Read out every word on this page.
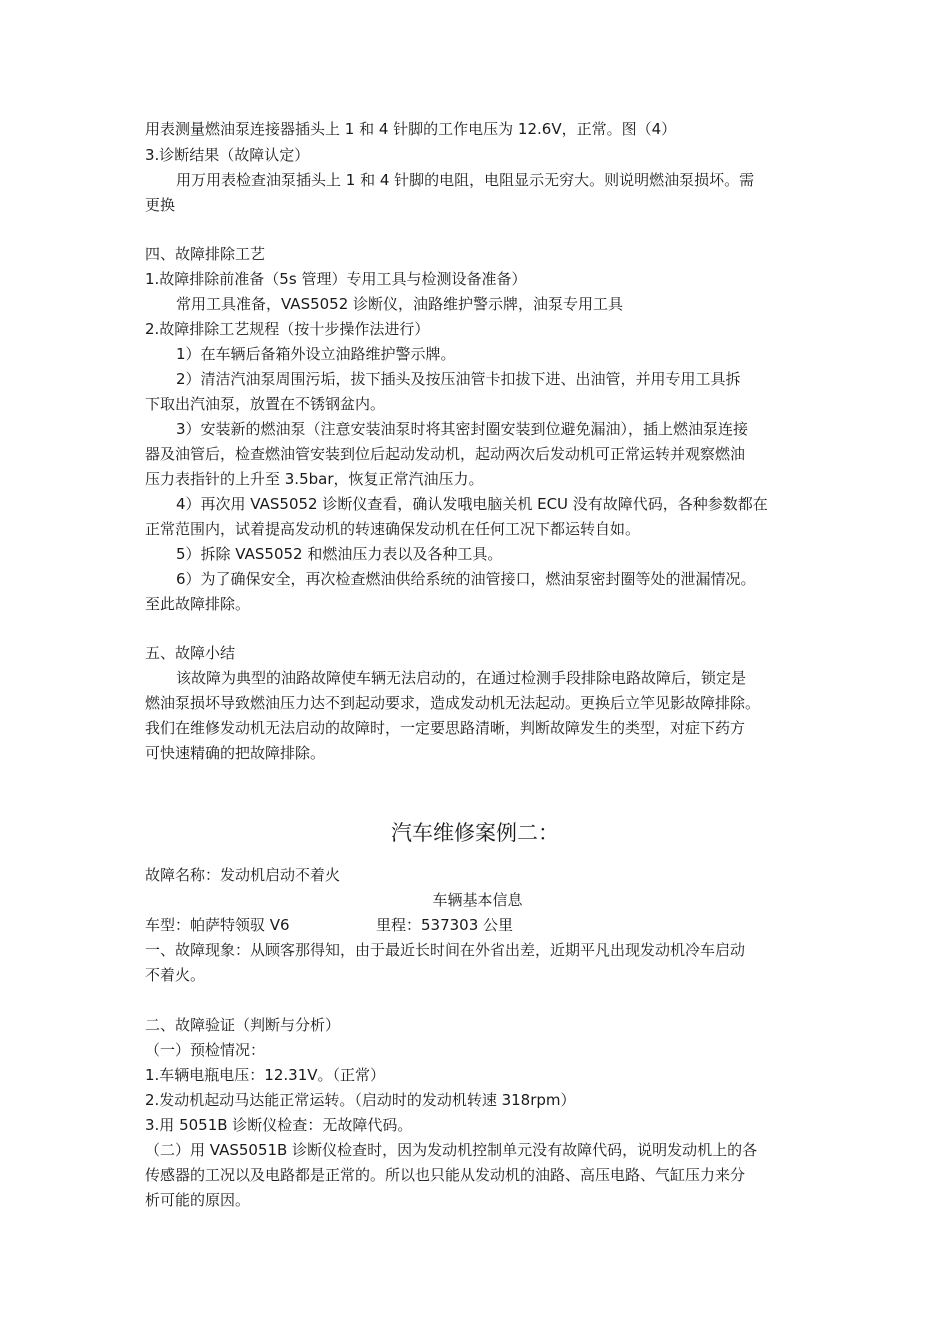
用表测量燃油泵连接器插头上 1 和 4 针脚的工作电压为 12.6V，正常。图（4）
3.诊断结果（故障认定）
用万用表检查油泵插头上 1 和 4 针脚的电阻，电阻显示无穷大。则说明燃油泵损坏。需
更换
四、故障排除工艺
1.故障排除前准备（5s 管理）专用工具与检测设备准备）
常用工具准备，VAS5052 诊断仪，油路维护警示牌，油泵专用工具
2.故障排除工艺规程（按十步操作法进行）
1）在车辆后备箱外设立油路维护警示牌。
2）清洁汽油泵周围污垢，拔下插头及按压油管卡扣拔下进、出油管，并用专用工具拆
下取出汽油泵，放置在不锈钢盆内。
3）安装新的燃油泵（注意安装油泵时将其密封圈安装到位避免漏油），插上燃油泵连接
器及油管后，检查燃油管安装到位后起动发动机，起动两次后发动机可正常运转并观察燃油
压力表指针的上升至 3.5bar，恢复正常汽油压力。
4）再次用 VAS5052 诊断仪查看，确认发哦电脑关机 ECU 没有故障代码，各种参数都在
正常范围内，试着提高发动机的转速确保发动机在任何工况下都运转自如。
5）拆除 VAS5052 和燃油压力表以及各种工具。
6）为了确保安全，再次检查燃油供给系统的油管接口，燃油泵密封圈等处的泄漏情况。
至此故障排除。
五、故障小结
该故障为典型的油路故障使车辆无法启动的，在通过检测手段排除电路故障后，锁定是
燃油泵损坏导致燃油压力达不到起动要求，造成发动机无法起动。更换后立竿见影故障排除。
我们在维修发动机无法启动的故障时，一定要思路清晰，判断故障发生的类型，对症下药方
可快速精确的把故障排除。
汽车维修案例二：
故障名称：发动机启动不着火
车辆基本信息
车型：帕萨特领驭 V6	里程：537303 公里
一、故障现象：从顾客那得知，由于最近长时间在外省出差，近期平凡出现发动机冷车启动
不着火。
二、故障验证（判断与分析）
（一）预检情况：
1.车辆电瓶电压：12.31V。（正常）
2.发动机起动马达能正常运转。（启动时的发动机转速 318rpm）
3.用 5051B 诊断仪检查：无故障代码。
（二）用 VAS5051B 诊断仪检查时，因为发动机控制单元没有故障代码，说明发动机上的各
传感器的工况以及电路都是正常的。所以也只能从发动机的油路、高压电路、气缸压力来分
析可能的原因。
